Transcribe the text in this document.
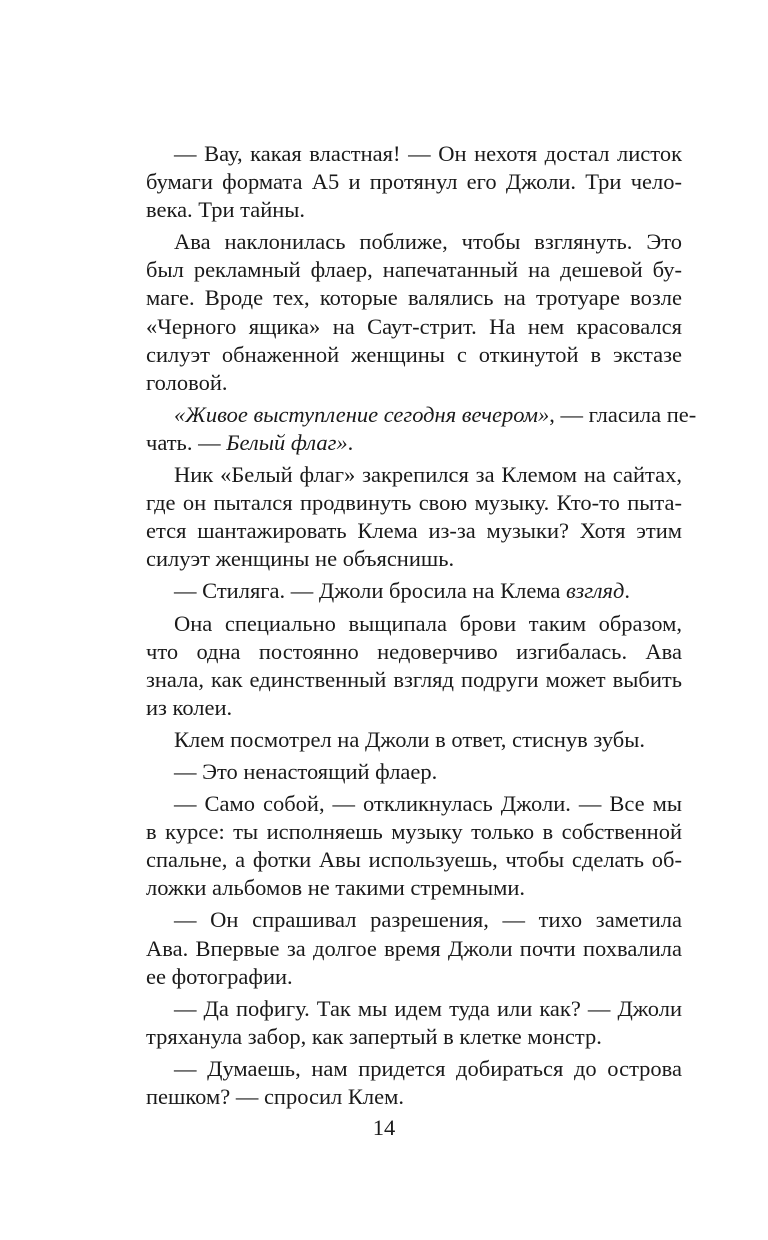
— Вау, какая властная! — Он нехотя достал листок
бумаги формата А5 и протянул его Джоли. Три чело-
века. Три тайны.
Ава наклонилась поближе, чтобы взглянуть. Это
был рекламный флаер, напечатанный на дешевой бу-
маге. Вроде тех, которые валялись на тротуаре возле
«Черного ящика» на Саут-стрит. На нем красовался
силуэт обнаженной женщины с откинутой в экстазе
головой.
«Живое выступление сегодня вечером», — гласила пе-
чать. — Белый флаг».
Ник «Белый флаг» закрепился за Клемом на сайтах,
где он пытался продвинуть свою музыку. Кто-то пыта-
ется шантажировать Клема из-за музыки? Хотя этим
силуэт женщины не объяснишь.
— Стиляга. — Джоли бросила на Клема взгляд.
Она специально выщипала брови таким образом,
что одна постоянно недоверчиво изгибалась. Ава
знала, как единственный взгляд подруги может выбить
из колеи.
Клем посмотрел на Джоли в ответ, стиснув зубы.
— Это ненастоящий флаер.
— Само собой, — откликнулась Джоли. — Все мы
в курсе: ты исполняешь музыку только в собственной
спальне, а фотки Авы используешь, чтобы сделать об-
ложки альбомов не такими стремными.
— Он спрашивал разрешения, — тихо заметила
Ава. Впервые за долгое время Джоли почти похвалила
ее фотографии.
— Да пофигу. Так мы идем туда или как? — Джоли
тряханула забор, как запертый в клетке монстр.
— Думаешь, нам придется добираться до острова
пешком? — спросил Клем.
14
